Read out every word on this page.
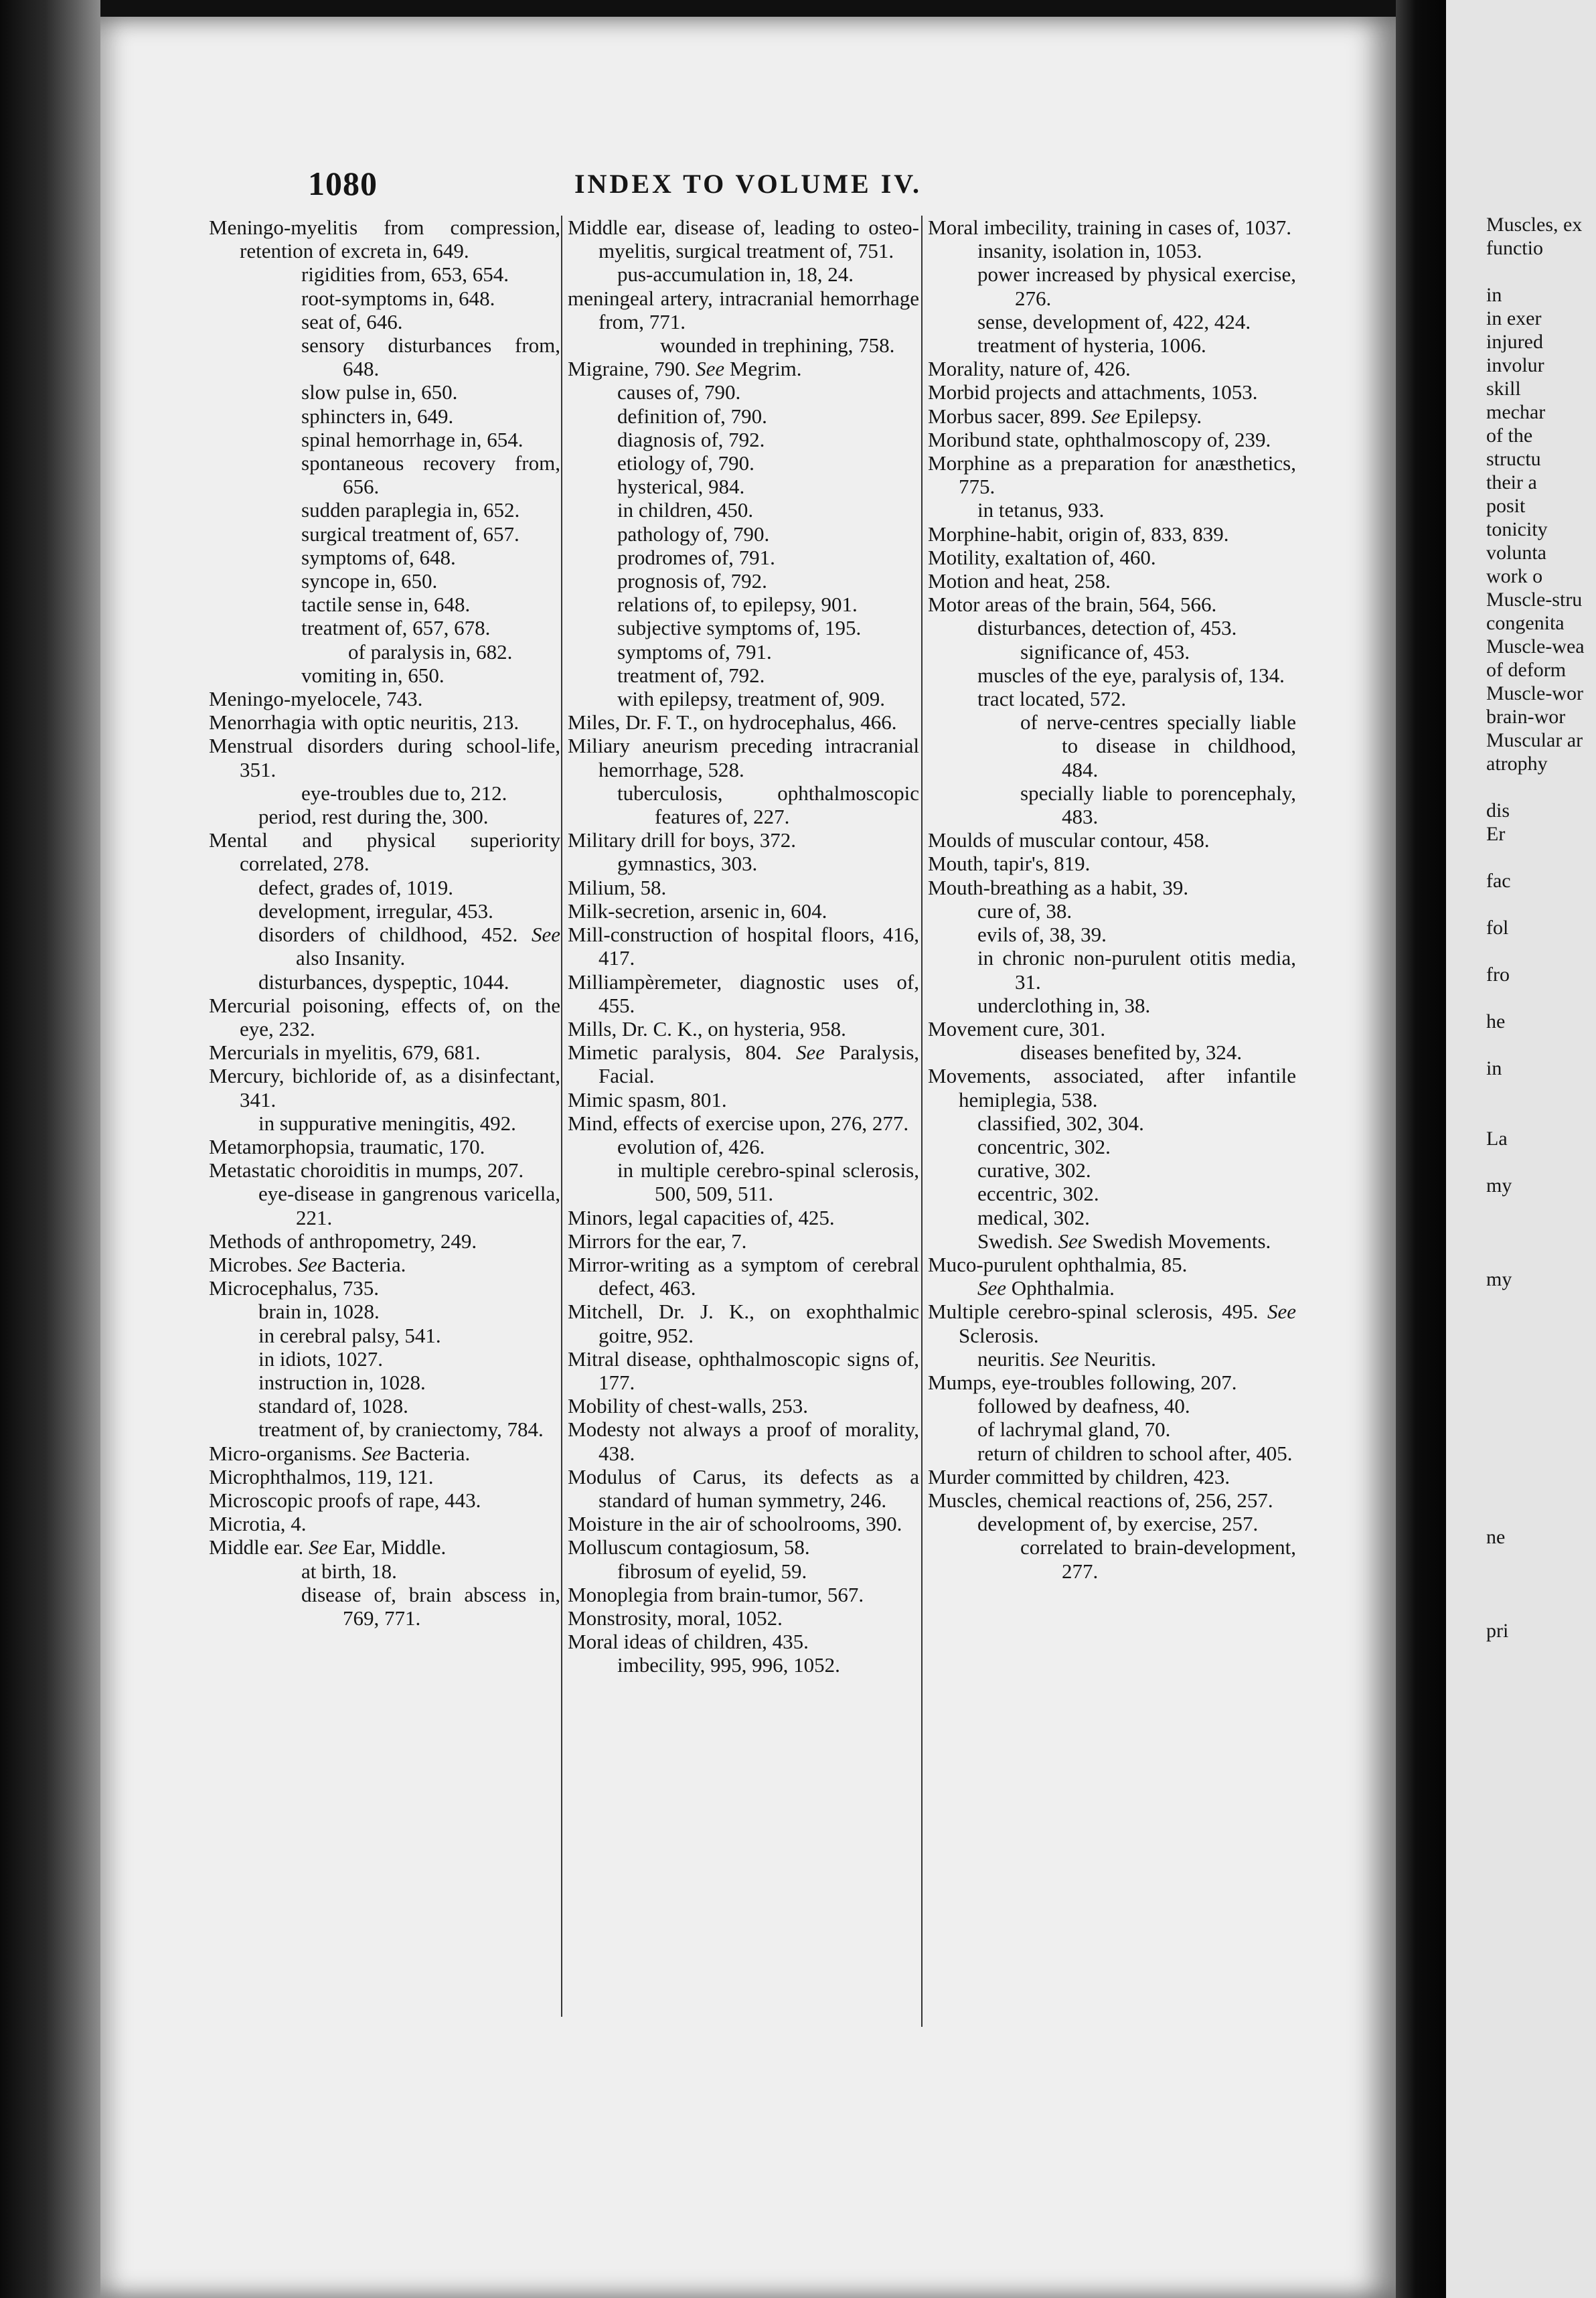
1080	INDEX TO VOLUME IV.
Meningo-myelitis from compression, retention of excreta in, 649.
rigidities from, 653, 654.
root-symptoms in, 648.
seat of, 646.
sensory disturbances from, 648.
slow pulse in, 650.
sphincters in, 649.
spinal hemorrhage in, 654.
spontaneous recovery from, 656.
sudden paraplegia in, 652.
surgical treatment of, 657.
symptoms of, 648.
syncope in, 650.
tactile sense in, 648.
treatment of, 657, 678.
of paralysis in, 682.
vomiting in, 650.
Meningo-myelocele, 743.
Menorrhagia with optic neuritis, 213.
Menstrual disorders during school-life, 351.
eye-troubles due to, 212.
period, rest during the, 300.
Mental and physical superiority correlated, 278.
defect, grades of, 1019.
development, irregular, 453.
disorders of childhood, 452. See also Insanity.
disturbances, dyspeptic, 1044.
Mercurial poisoning, effects of, on the eye, 232.
Mercurials in myelitis, 679, 681.
Mercury, bichloride of, as a disinfectant, 341.
in suppurative meningitis, 492.
Metamorphopsia, traumatic, 170.
Metastatic choroiditis in mumps, 207.
eye-disease in gangrenous varicella, 221.
Methods of anthropometry, 249.
Microbes. See Bacteria.
Microcephalus, 735.
brain in, 1028.
in cerebral palsy, 541.
in idiots, 1027.
instruction in, 1028.
standard of, 1028.
treatment of, by craniectomy, 784.
Micro-organisms. See Bacteria.
Microphthalmos, 119, 121.
Microscopic proofs of rape, 443.
Microtia, 4.
Middle ear. See Ear, Middle.
at birth, 18.
disease of, brain abscess in, 769, 771.
Middle ear, disease of, leading to osteo-myelitis, surgical treatment of, 751.
pus-accumulation in, 18, 24.
meningeal artery, intracranial hemorrhage from, 771.
wounded in trephining, 758.
Migraine, 790. See Megrim.
causes of, 790.
definition of, 790.
diagnosis of, 792.
etiology of, 790.
hysterical, 984.
in children, 450.
pathology of, 790.
prodromes of, 791.
prognosis of, 792.
relations of, to epilepsy, 901.
subjective symptoms of, 195.
symptoms of, 791.
treatment of, 792.
with epilepsy, treatment of, 909.
Miles, Dr. F. T., on hydrocephalus, 466.
Miliary aneurism preceding intracranial hemorrhage, 528.
tuberculosis, ophthalmoscopic features of, 227.
Military drill for boys, 372.
gymnastics, 303.
Milium, 58.
Milk-secretion, arsenic in, 604.
Mill-construction of hospital floors, 416, 417.
Milliampèremeter, diagnostic uses of, 455.
Mills, Dr. C. K., on hysteria, 958.
Mimetic paralysis, 804. See Paralysis, Facial.
Mimic spasm, 801.
Mind, effects of exercise upon, 276, 277.
evolution of, 426.
in multiple cerebro-spinal sclerosis, 500, 509, 511.
Minors, legal capacities of, 425.
Mirrors for the ear, 7.
Mirror-writing as a symptom of cerebral defect, 463.
Mitchell, Dr. J. K., on exophthalmic goitre, 952.
Mitral disease, ophthalmoscopic signs of, 177.
Mobility of chest-walls, 253.
Modesty not always a proof of morality, 438.
Modulus of Carus, its defects as a standard of human symmetry, 246.
Moisture in the air of schoolrooms, 390.
Molluscum contagiosum, 58.
fibrosum of eyelid, 59.
Monoplegia from brain-tumor, 567.
Monstrosity, moral, 1052.
Moral ideas of children, 435.
imbecility, 995, 996, 1052.
Moral imbecility, training in cases of, 1037.
insanity, isolation in, 1053.
power increased by physical exercise, 276.
sense, development of, 422, 424.
treatment of hysteria, 1006.
Morality, nature of, 426.
Morbid projects and attachments, 1053.
Morbus sacer, 899. See Epilepsy.
Moribund state, ophthalmoscopy of, 239.
Morphine as a preparation for anæsthetics, 775.
in tetanus, 933.
Morphine-habit, origin of, 833, 839.
Motility, exaltation of, 460.
Motion and heat, 258.
Motor areas of the brain, 564, 566.
disturbances, detection of, 453.
significance of, 453.
muscles of the eye, paralysis of, 134.
tract located, 572.
of nerve-centres specially liable to disease in childhood, 484.
specially liable to porencephaly, 483.
Moulds of muscular contour, 458.
Mouth, tapir's, 819.
Mouth-breathing as a habit, 39.
cure of, 38.
evils of, 38, 39.
in chronic non-purulent otitis media, 31.
underclothing in, 38.
Movement cure, 301.
diseases benefited by, 324.
Movements, associated, after infantile hemiplegia, 538.
classified, 302, 304.
concentric, 302.
curative, 302.
eccentric, 302.
medical, 302.
Swedish. See Swedish Movements.
Muco-purulent ophthalmia, 85.
See Ophthalmia.
Multiple cerebro-spinal sclerosis, 495. See Sclerosis.
neuritis. See Neuritis.
Mumps, eye-troubles following, 207.
followed by deafness, 40.
of lachrymal gland, 70.
return of children to school after, 405.
Murder committed by children, 423.
Muscles, chemical reactions of, 256, 257.
development of, by exercise, 257.
correlated to brain-development, 277.
Muscles, ex
functio
in
in exer
injured
involur
skill
mechar
of the
structu
their a
posit
tonicity
volunta
work o
Muscle-stru
congenita
Muscle-wea
of deform
Muscle-wor
brain-wor
Muscular ar
atrophy
dis
Er
fac
fol
fro
he
in
La
my
my
ne
pri
